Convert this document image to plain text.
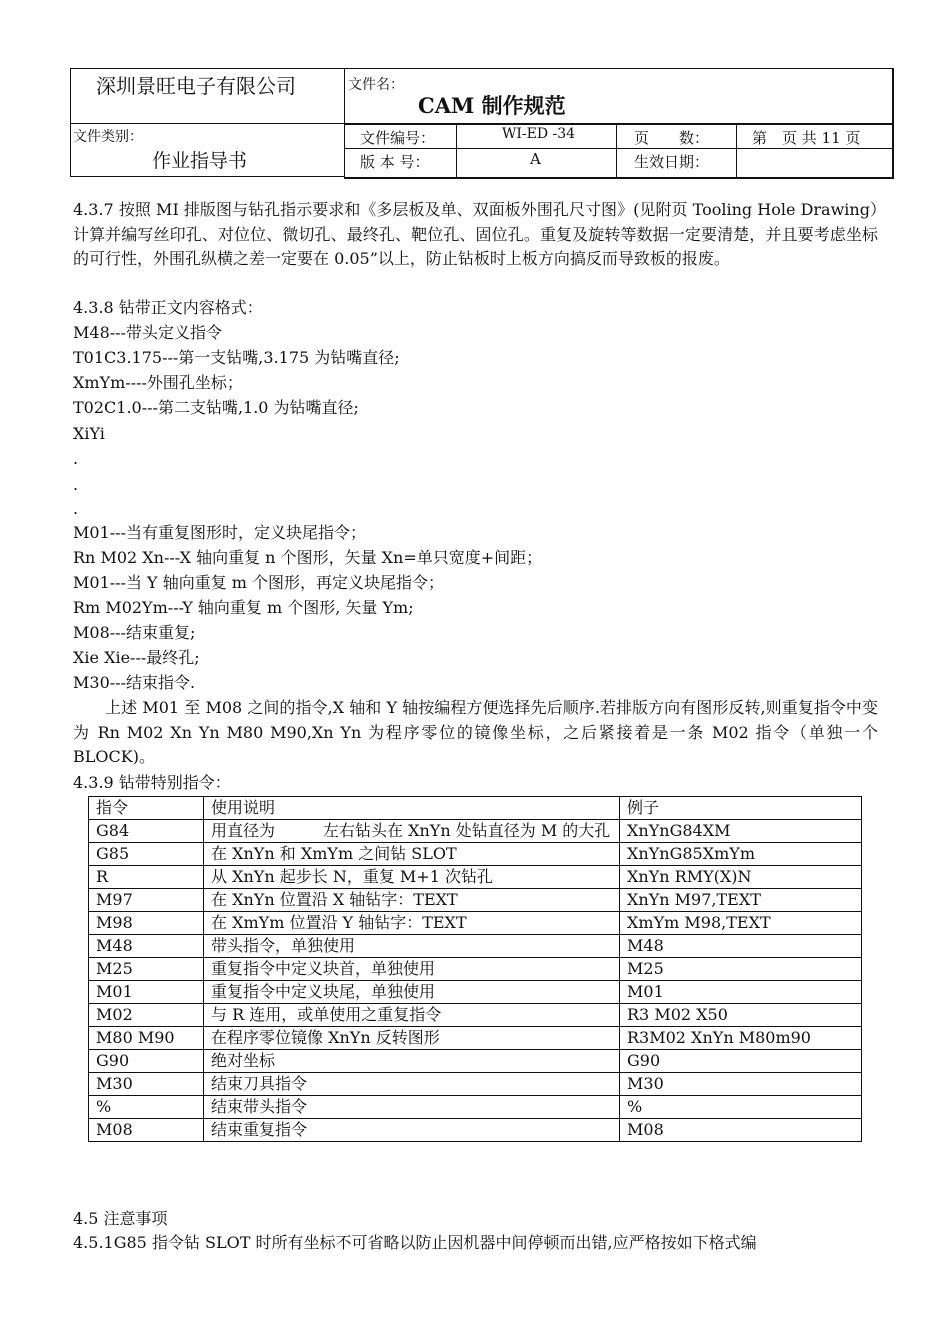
深圳景旺电子有限公司	文件名：
CAM 制作规范
文件类别：
作业指导书
文件编号：	WI-ED -34	页　　数：	第　页 共 11 页
版 本 号：	A	生效日期：
4.3.7 按照 MI 排版图与钻孔指示要求和《多层板及单、双面板外围孔尺寸图》(见附页 Tooling Hole Drawing）计算并编写丝印孔、对位位、微切孔、最终孔、靶位孔、固位孔。重复及旋转等数据一定要清楚，并且要考虑坐标的可行性，外围孔纵横之差一定要在 0.05”以上，防止钻板时上板方向搞反而导致板的报废。
4.3.8 钻带正文内容格式：
M48---带头定义指令
T01C3.175---第一支钻嘴,3.175 为钻嘴直径;
XmYm----外围孔坐标；
T02C1.0---第二支钻嘴,1.0 为钻嘴直径;
XiYi
.
.
.
M01---当有重复图形时，定义块尾指令；
Rn M02 Xn---X 轴向重复 n 个图形，矢量 Xn=单只宽度+间距；
M01---当 Y 轴向重复 m 个图形，再定义块尾指令；
Rm M02Ym---Y 轴向重复 m 个图形, 矢量 Ym;
M08---结束重复;
Xie Xie---最终孔;
M30---结束指令.
　　上述 M01 至 M08 之间的指令,X 轴和 Y 轴按编程方便选择先后顺序.若排版方向有图形反转,则重复指令中变为 Rn M02 Xn Yn M80 M90,Xn Yn 为程序零位的镜像坐标，之后紧接着是一条 M02 指令（单独一个 BLOCK)。
4.3.9 钻带特别指令：
指令	使用说明	例子
G84	用直径为　　　左右钻头在 XnYn 处钻直径为 M 的大孔	XnYnG84XM
G85	在 XnYn 和 XmYm 之间钻 SLOT	XnYnG85XmYm
R	从 XnYn 起步长 N，重复 M+1 次钻孔	XnYn RMY(X)N
M97	在 XnYn 位置沿 X 轴钻字：TEXT	XnYn M97,TEXT
M98	在 XmYm 位置沿 Y 轴钻字：TEXT	XmYm M98,TEXT
M48	带头指令，单独使用	M48
M25	重复指令中定义块首，单独使用	M25
M01	重复指令中定义块尾，单独使用	M01
M02	与 R 连用，或单使用之重复指令	R3 M02 X50
M80 M90	在程序零位镜像 XnYn 反转图形	R3M02 XnYn M80m90
G90	绝对坐标	G90
M30	结束刀具指令	M30
%	结束带头指令	%
M08	结束重复指令	M08
4.5 注意事项
4.5.1G85 指令钻 SLOT 时所有坐标不可省略以防止因机器中间停顿而出错,应严格按如下格式编
